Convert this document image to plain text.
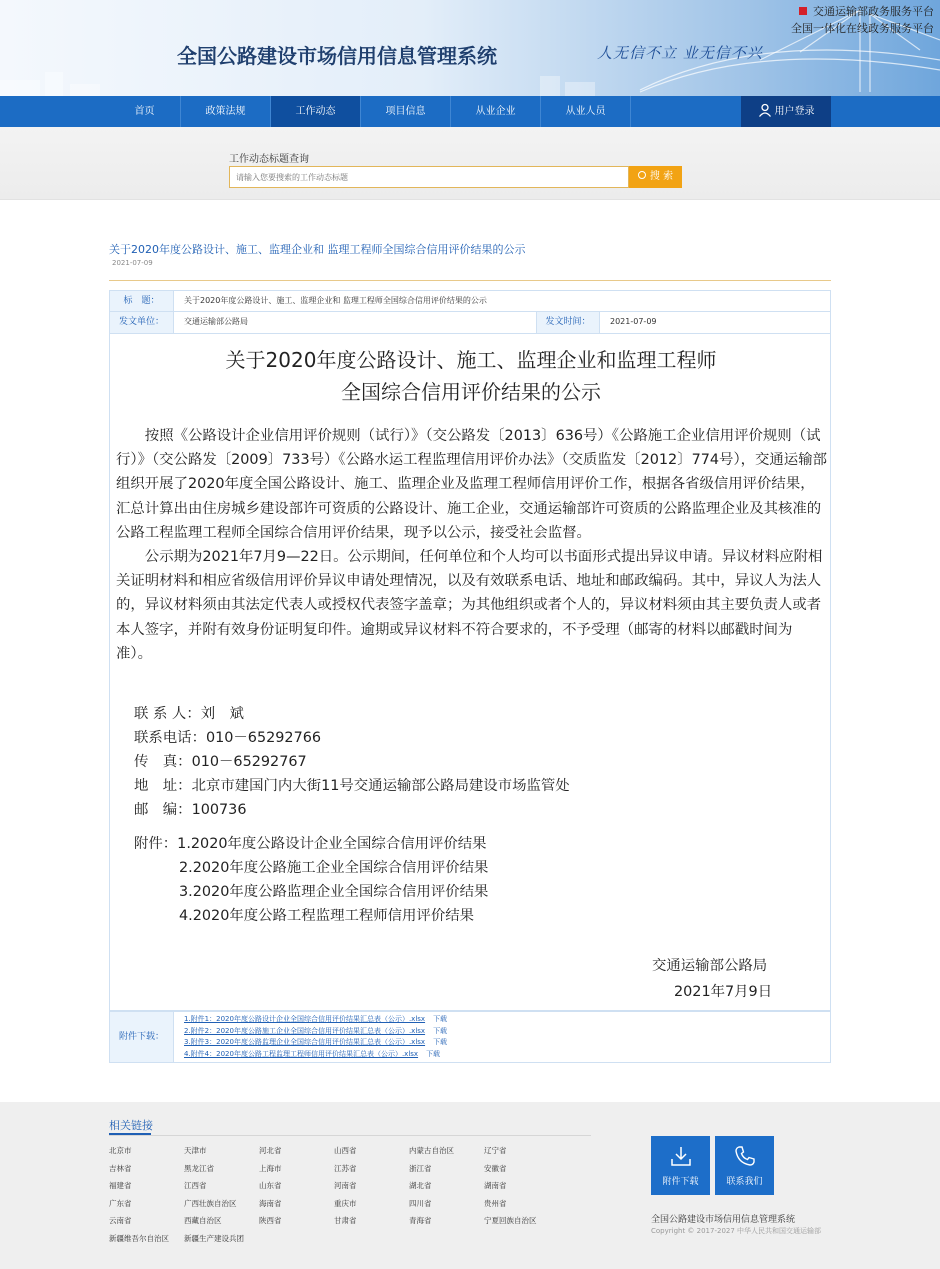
全国公路建设市场信用信息管理系统	人无信不立 业无信不兴
交通运输部政务服务平台
全国一体化在线政务服务平台
首页	政策法规	工作动态	项目信息	从业企业	从业人员	用户登录
工作动态标题查询
请输入您要搜索的工作动态标题
搜 索
关于2020年度公路设计、施工、监理企业和 监理工程师全国综合信用评价结果的公示
2021-07-09
标　题：	关于2020年度公路设计、施工、监理企业和 监理工程师全国综合信用评价结果的公示
发文单位：	交通运输部公路局	发文时间：	2021-07-09
关于2020年度公路设计、施工、监理企业和监理工程师
全国综合信用评价结果的公示

按照《公路设计企业信用评价规则（试行）》（交公路发〔2013〕636号）《公路施工企业信用评价规则（试行）》（交公路发〔2009〕733号）《公路水运工程监理信用评价办法》（交质监发〔2012〕774号），交通运输部组织开展了2020年度全国公路设计、施工、监理企业及监理工程师信用评价工作，根据各省级信用评价结果，汇总计算出由住房城乡建设部许可资质的公路设计、施工企业，交通运输部许可资质的公路监理企业及其核准的公路工程监理工程师全国综合信用评价结果，现予以公示，接受社会监督。

公示期为2021年7月9—22日。公示期间，任何单位和个人均可以书面形式提出异议申请。异议材料应附相关证明材料和相应省级信用评价异议申请处理情况，以及有效联系电话、地址和邮政编码。其中，异议人为法人的，异议材料须由其法定代表人或授权代表签字盖章；为其他组织或者个人的，异议材料须由其主要负责人或者本人签字，并附有效身份证明复印件。逾期或异议材料不符合要求的，不予受理（邮寄的材料以邮戳时间为准）。

联 系 人：刘　斌
联系电话：010－65292766
传　真：010－65292767
地　址：北京市建国门内大街11号交通运输部公路局建设市场监管处
邮　编：100736
附件：1.2020年度公路设计企业全国综合信用评价结果
2.2020年度公路施工企业全国综合信用评价结果
3.2020年度公路监理企业全国综合信用评价结果
4.2020年度公路工程监理工程师信用评价结果
交通运输部公路局
2021年7月9日
附件下载：
1.附件1：2020年度公路设计企业全国综合信用评价结果汇总表（公示）.xlsx 下载
2.附件2：2020年度公路施工企业全国综合信用评价结果汇总表（公示）.xlsx 下载
3.附件3：2020年度公路监理企业全国综合信用评价结果汇总表（公示）.xlsx 下载
4.附件4：2020年度公路工程监理工程师信用评价结果汇总表（公示）.xlsx 下载
相关链接
北京市	天津市	河北省	山西省	内蒙古自治区	辽宁省
吉林省	黑龙江省	上海市	江苏省	浙江省	安徽省
福建省	江西省	山东省	河南省	湖北省	湖南省
广东省	广西壮族自治区	海南省	重庆市	四川省	贵州省
云南省	西藏自治区	陕西省	甘肃省	青海省	宁夏回族自治区
新疆维吾尔自治区 新疆生产建设兵团
附件下载	联系我们
全国公路建设市场信用信息管理系统
Copyright © 2017-2027 中华人民共和国交通运输部
